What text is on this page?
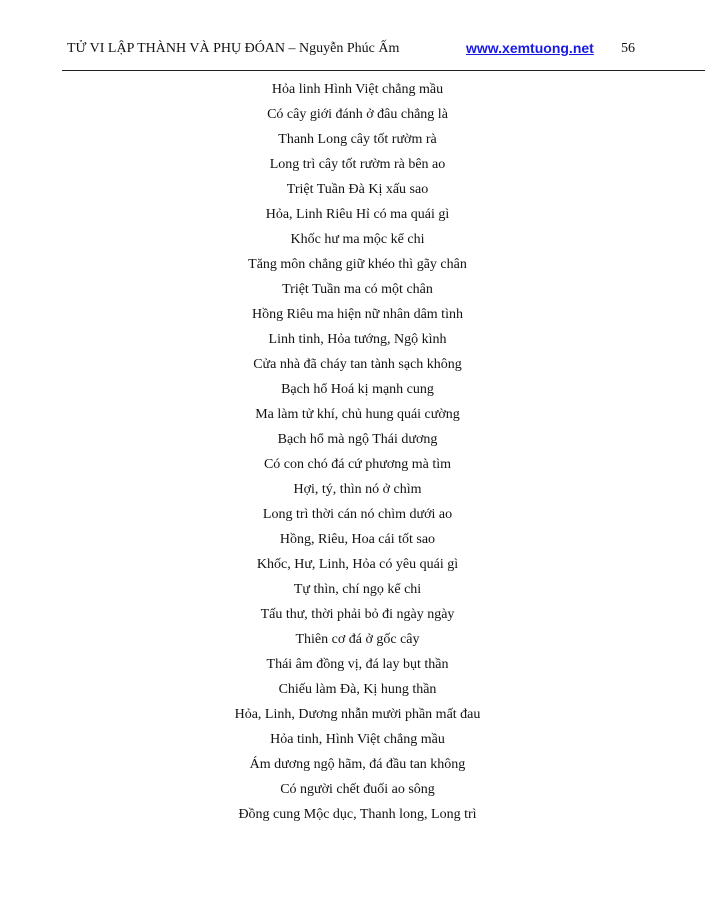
TỬ VI LẬP THÀNH VÀ PHỤ ĐÓAN – Nguyễn Phúc Ấm	www.xemtuong.net 56
Hỏa linh Hình Việt chẳng mầu
Có cây giới đánh ở đâu chẳng là
Thanh Long cây tốt rườm rà
Long trì cây tốt rườm rà bên ao
Triệt Tuần Đà Kị xấu sao
Hỏa, Linh Riêu Hỉ có ma quái gì
Khốc hư ma mộc kể chi
Tăng môn chẳng giữ khéo thì gãy chân
Triệt Tuần ma có một chân
Hồng Riêu ma hiện nữ nhân dâm tình
Linh tinh, Hỏa tướng, Ngộ kình
Cửa nhà đã cháy tan tành sạch không
Bạch hổ Hoá kị mạnh cung
Ma làm tử khí, chủ hung quái cường
Bạch hổ mà ngộ Thái dương
Có con chó đá cứ phương mà tìm
Hợi, tý, thìn nó ở chìm
Long trì thời cán nó chìm dưới ao
Hồng, Riêu, Hoa cái tốt sao
Khốc, Hư, Linh, Hỏa có yêu quái gì
Tự thìn, chí ngọ kể chi
Tấu thư, thời phải bỏ đi ngày ngày
Thiên cơ đá ở gốc cây
Thái âm đồng vị, đá lay bụt thần
Chiếu làm Đà, Kị hung thần
Hỏa, Linh, Dương nhẫn mười phần mất đau
Hỏa tinh, Hình Việt chẳng mầu
Ám dương ngộ hãm, đá đầu tan không
Có người chết đuối ao sông
Đồng cung Mộc dục, Thanh long, Long trì
